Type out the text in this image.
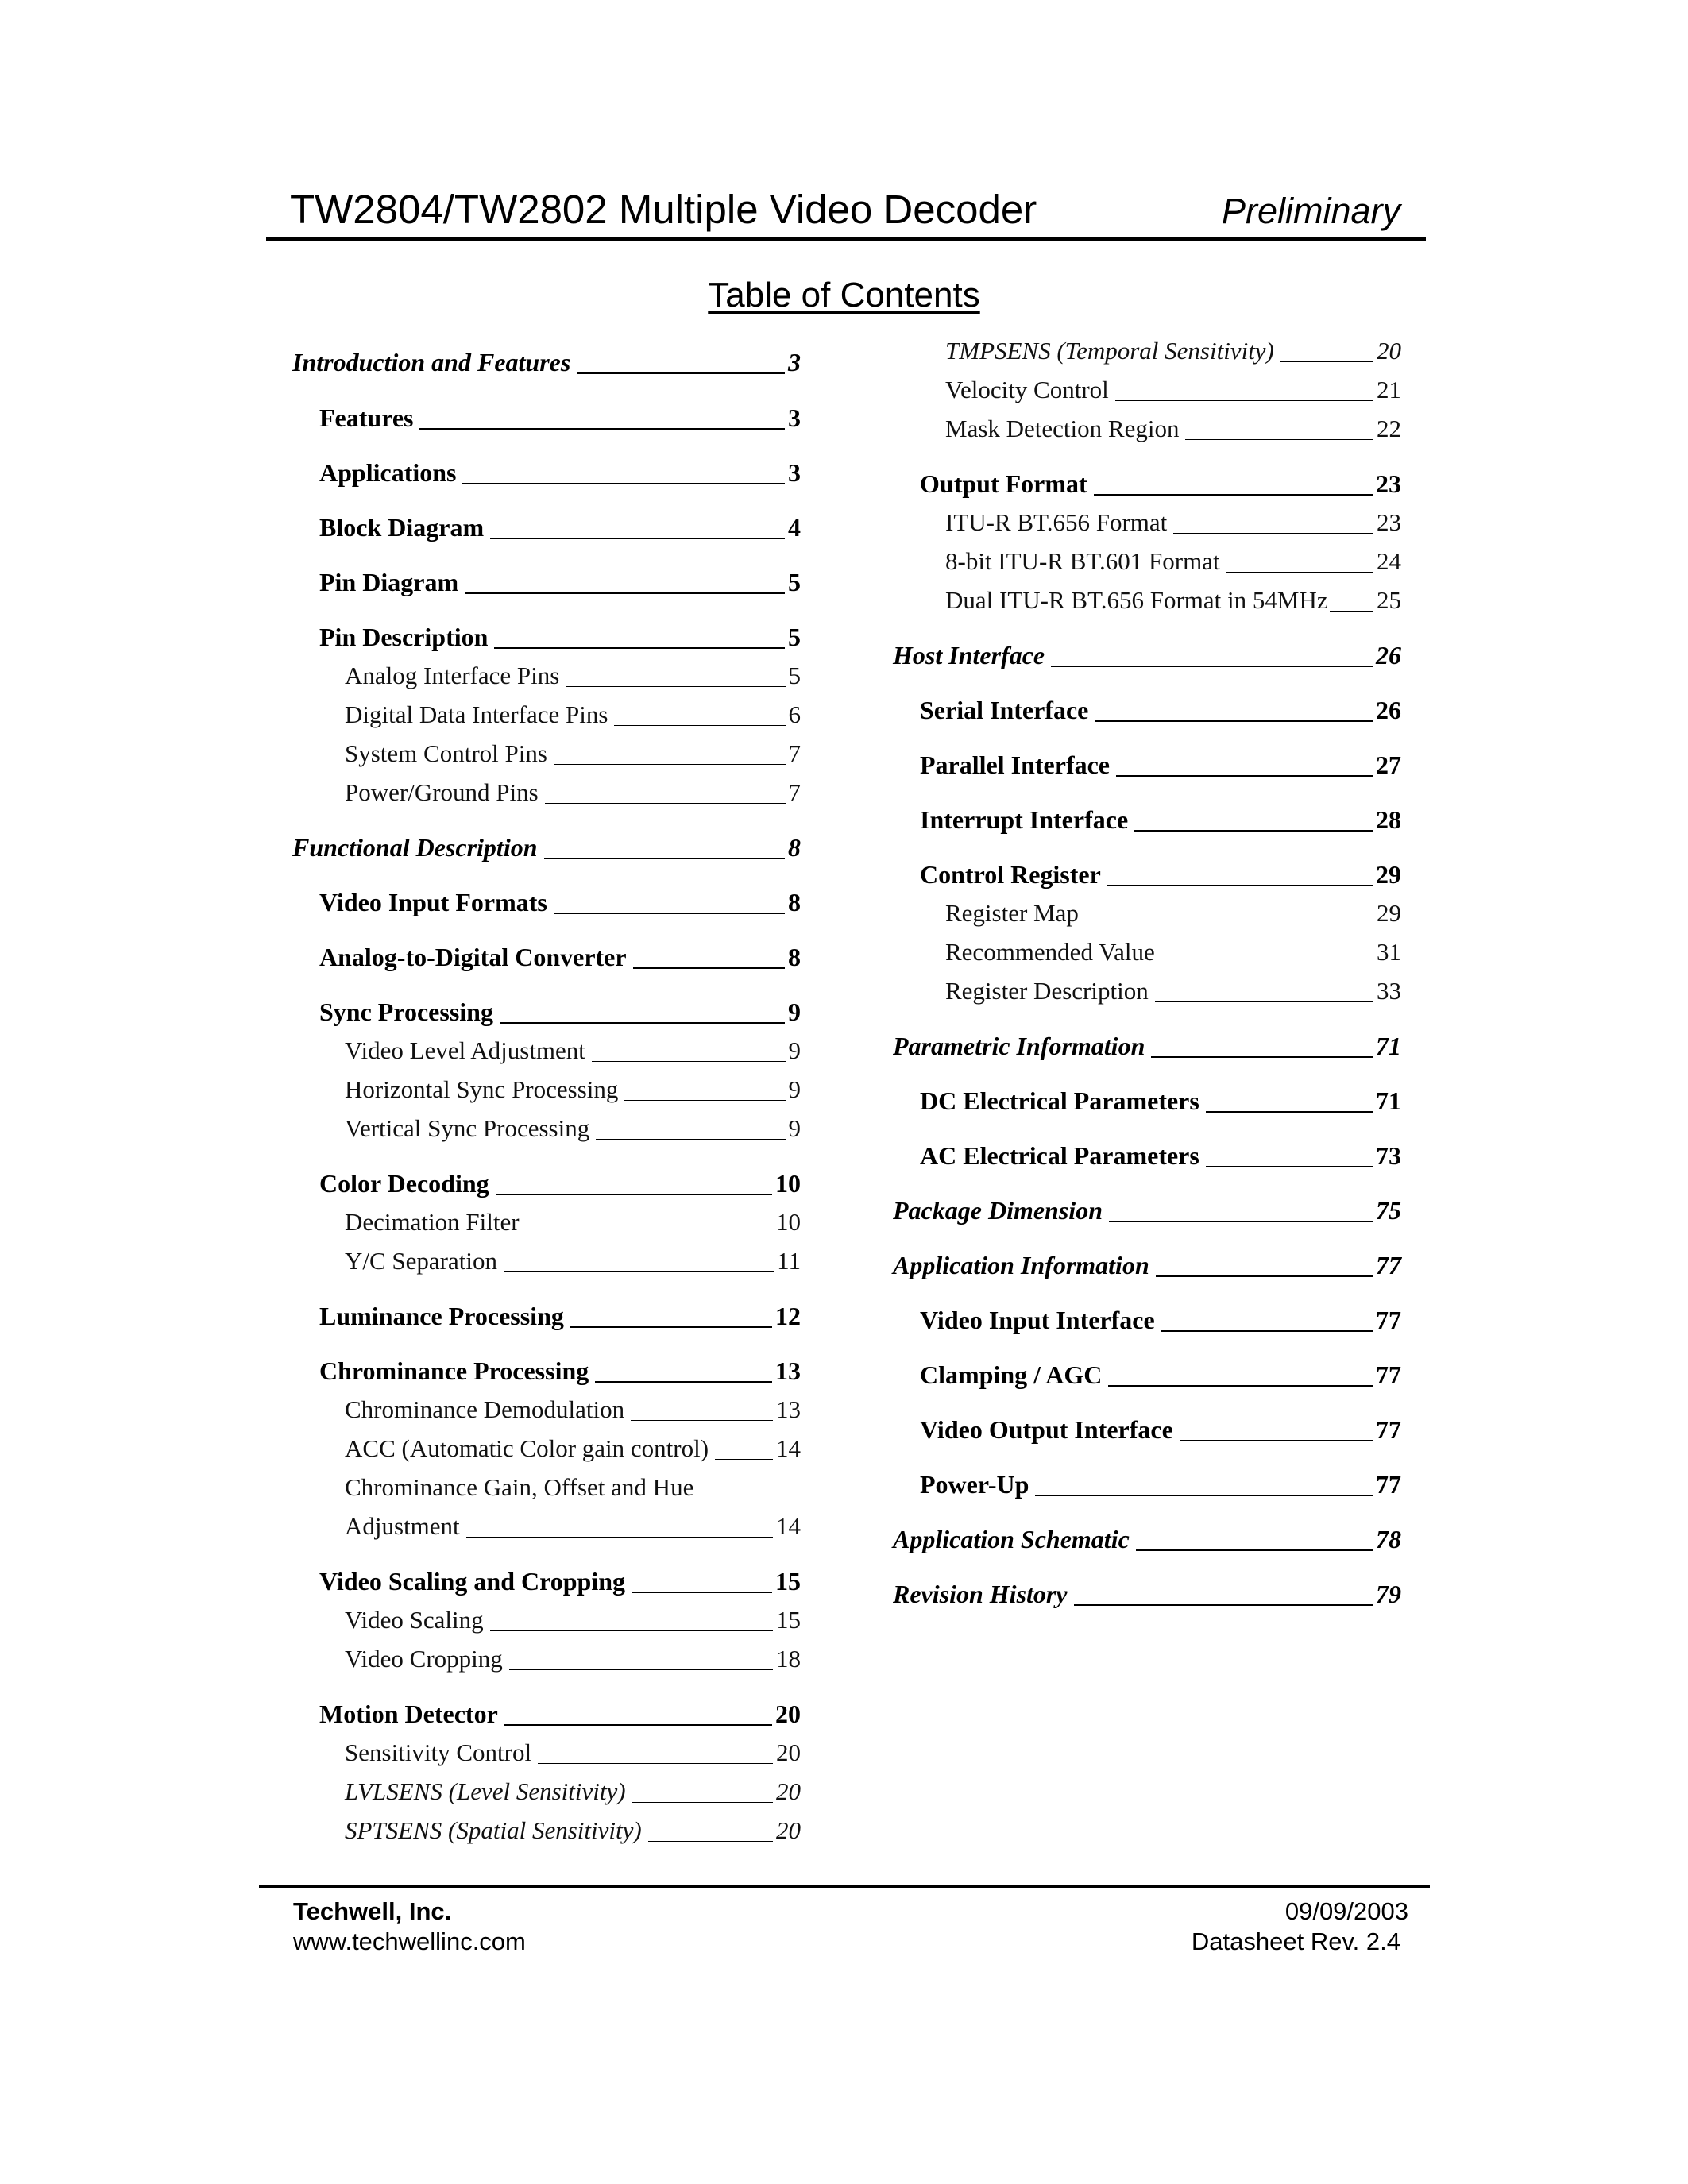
TW2804/TW2802 Multiple Video Decoder	Preliminary
Table of Contents
Introduction and Features	3
Features	3
Applications	3
Block Diagram	4
Pin Diagram	5
Pin Description	5
Analog Interface Pins	5
Digital Data Interface Pins	6
System Control Pins	7
Power/Ground Pins	7
Functional Description	8
Video Input Formats	8
Analog-to-Digital Converter	8
Sync Processing	9
Video Level Adjustment	9
Horizontal Sync Processing	9
Vertical Sync Processing	9
Color Decoding	10
Decimation Filter	10
Y/C Separation	11
Luminance Processing	12
Chrominance Processing	13
Chrominance Demodulation	13
ACC (Automatic Color gain control)	14
Chrominance Gain, Offset and Hue
Adjustment	14
Video Scaling and Cropping	15
Video Scaling	15
Video Cropping	18
Motion Detector	20
Sensitivity Control	20
LVLSENS (Level Sensitivity)	20
SPTSENS (Spatial Sensitivity)	20
TMPSENS (Temporal Sensitivity)	20
Velocity Control	21
Mask Detection Region	22
Output Format	23
ITU-R BT.656 Format	23
8-bit ITU-R BT.601 Format	24
Dual ITU-R BT.656 Format in 54MHz 25
Host Interface	26
Serial Interface	26
Parallel Interface	27
Interrupt Interface	28
Control Register	29
Register Map	29
Recommended Value	31
Register Description	33
Parametric Information	71
DC Electrical Parameters	71
AC Electrical Parameters	73
Package Dimension	75
Application Information	77
Video Input Interface	77
Clamping / AGC	77
Video Output Interface	77
Power-Up	77
Application Schematic	78
Revision History	79
Techwell, Inc.
www.techwellinc.com
09/09/2003
Datasheet Rev. 2.4
